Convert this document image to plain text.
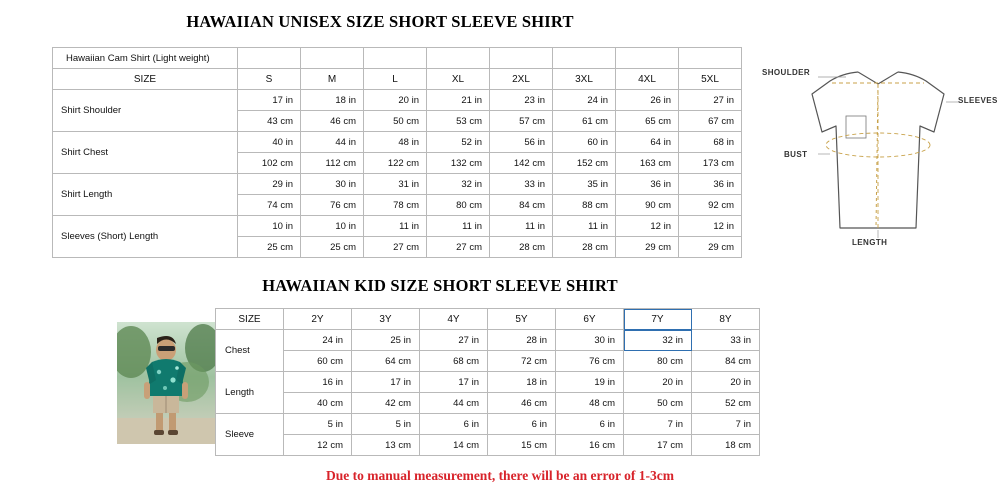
HAWAIIAN UNISEX SIZE SHORT SLEEVE SHIRT
Hawaiian Cam Shirt (Light weight)								
SIZE	S	M	L	XL	2XL	3XL	4XL	5XL
Shirt Shoulder	17 in	18 in	20 in	21 in	23 in	24 in	26 in	27 in
	43 cm	46 cm	50 cm	53 cm	57 cm	61 cm	65 cm	67 cm
Shirt Chest	40 in	44 in	48 in	52 in	56 in	60 in	64 in	68 in
	102 cm	112 cm	122 cm	132 cm	142 cm	152 cm	163 cm	173 cm
Shirt Length	29 in	30 in	31 in	32 in	33 in	35 in	36 in	36 in
	74 cm	76 cm	78 cm	80 cm	84 cm	88 cm	90 cm	92 cm
Sleeves (Short) Length	10 in	10 in	11 in	11 in	11 in	11 in	12 in	12 in
	25 cm	25 cm	27 cm	27 cm	28 cm	28 cm	29 cm	29 cm
SHOULDER
SLEEVES
BUST
LENGTH
HAWAIIAN KID SIZE SHORT SLEEVE SHIRT
SIZE	2Y	3Y	4Y	5Y	6Y	7Y	8Y
Chest	24 in	25 in	27 in	28 in	30 in	32 in	33 in
	60 cm	64 cm	68 cm	72 cm	76 cm	80 cm	84 cm
Length	16 in	17 in	17 in	18 in	19 in	20 in	20 in
	40 cm	42 cm	44 cm	46 cm	48 cm	50 cm	52 cm
Sleeve	5 in	5 in	6 in	6 in	6 in	7 in	7 in
	12 cm	13 cm	14 cm	15 cm	16 cm	17 cm	18 cm
Due to manual measurement, there will be an error of 1-3cm
